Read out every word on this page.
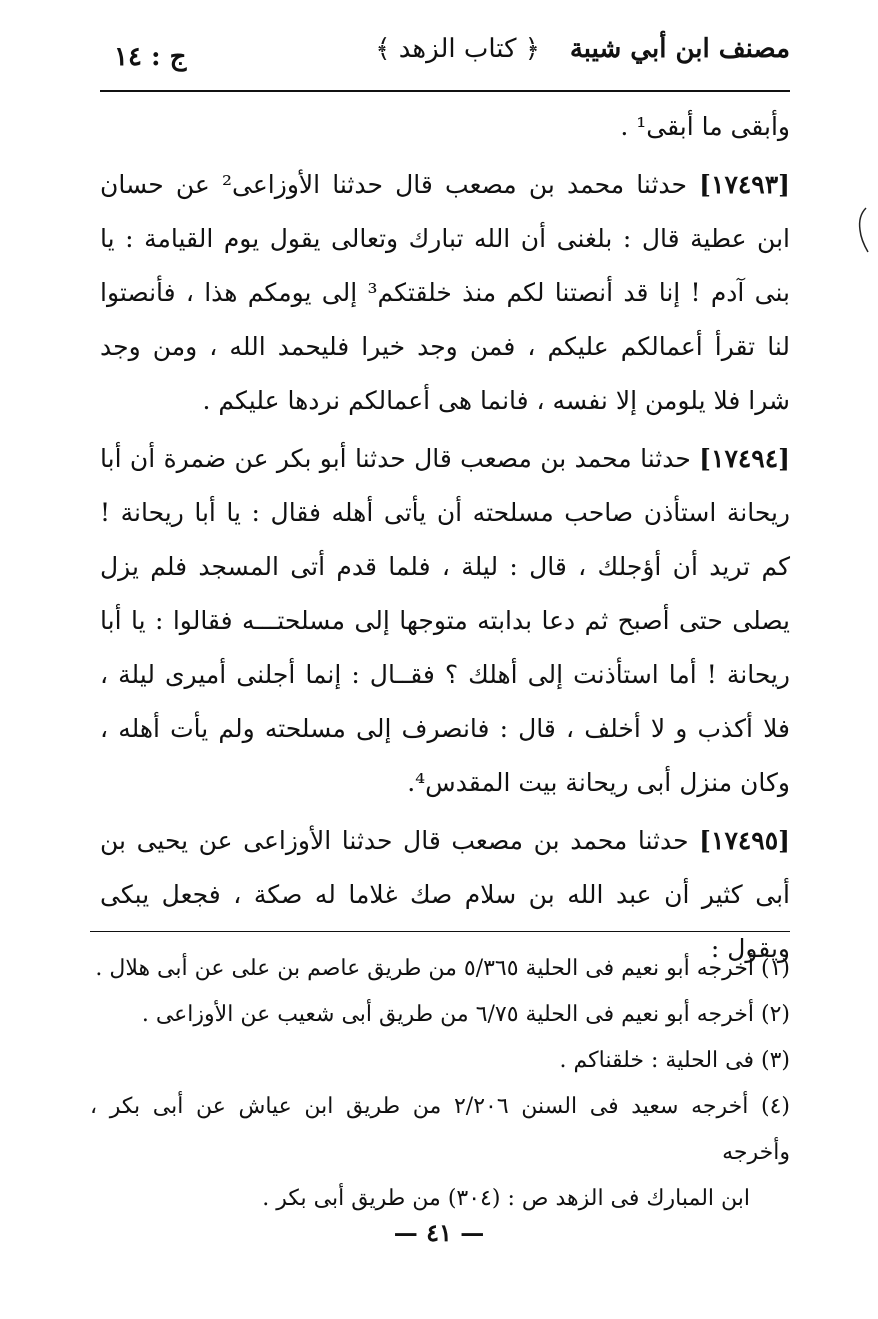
مصنف ابن أبي شيبة
﴿ كتاب الزهد ﴾
ج : ١٤

وأبقى ما أبقى¹ .

[١٧٤٩٣] حدثنا محمد بن مصعب قال حدثنا الأوزاعى² عن حسان ابن عطية قال : بلغنى أن الله تبارك وتعالى يقول يوم القيامة : يا بنى آدم ! إنا قد أنصتنا لكم منذ خلقتكم³ إلى يومكم هذا ، فأنصتوا لنا تقرأ أعمالكم عليكم ، فمن وجد خيرا فليحمد الله ، ومن وجد شرا فلا يلومن إلا نفسه ، فانما هى أعمالكم نردها عليكم .

[١٧٤٩٤] حدثنا محمد بن مصعب قال حدثنا أبو بكر عن ضمرة أن أبا ريحانة استأذن صاحب مسلحته أن يأتى أهله فقال : يا أبا ريحانة ! كم تريد أن أؤجلك ، قال : ليلة ، فلما قدم أتى المسجد فلم يزل يصلى حتى أصبح ثم دعا بدابته متوجها إلى مسلحتـــه فقالوا : يا أبا ريحانة ! أما استأذنت إلى أهلك ؟ فقــال : إنما أجلنى أميرى ليلة ، فلا أكذب و لا أخلف ، قال : فانصرف إلى مسلحته ولم يأت أهله ، وكان منزل أبى ريحانة بيت المقدس⁴.

[١٧٤٩٥] حدثنا محمد بن مصعب قال حدثنا الأوزاعى عن يحيى بن أبى كثير أن عبد الله بن سلام صك غلاما له صكة ، فجعل يبكى ويقول :

(١) أخرجه أبو نعيم فى الحلية ٥/٣٦٥ من طريق عاصم بن على عن أبى هلال .

(٢) أخرجه أبو نعيم فى الحلية ٦/٧٥ من طريق أبى شعيب عن الأوزاعى .

(٣) فى الحلية : خلقناكم .

(٤) أخرجه سعيد فى السنن ٢/٢٠٦ من طريق ابن عياش عن أبى بكر ، وأخرجه

ابن المبارك فى الزهد ص : (٣٠٤) من طريق أبى بكر .

— ٤١ —
